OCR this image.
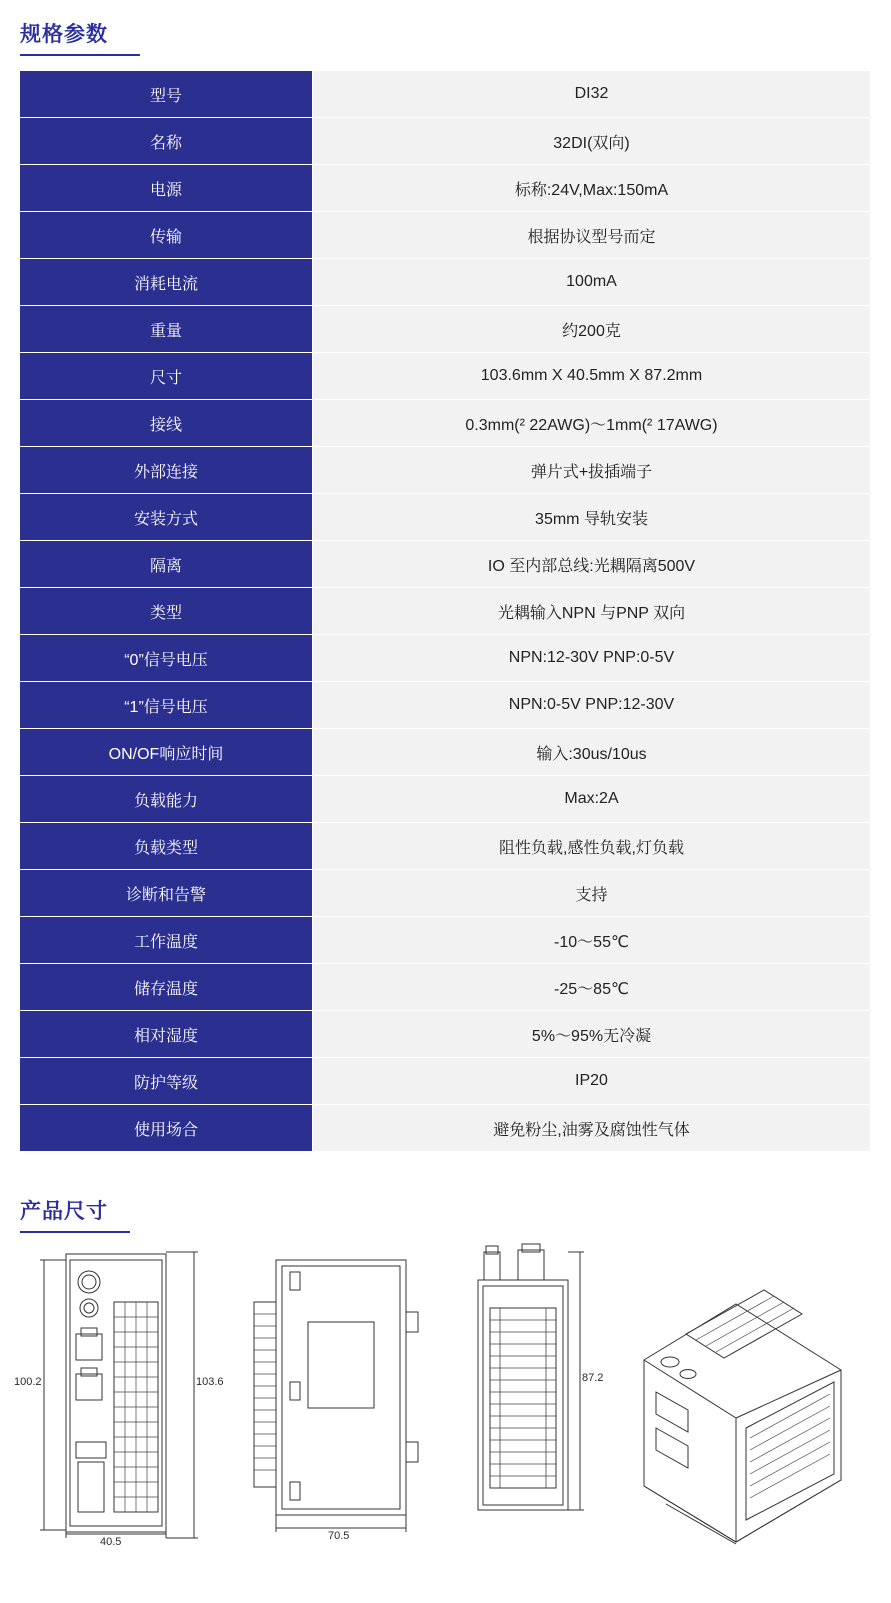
规格参数
型号	DI32
名称	32DI(双向)
电源	标称:24V,Max:150mA
传输	根据协议型号而定
消耗电流	100mA
重量	约200克
尺寸	103.6mm X 40.5mm X 87.2mm
接线	0.3mm(² 22AWG)～1mm(² 17AWG)
外部连接	弹片式+拔插端子
安装方式	35mm 导轨安装
隔离	IO 至内部总线:光耦隔离500V
类型	光耦输入NPN 与PNP 双向
“0”信号电压	NPN:12-30V PNP:0-5V
“1”信号电压	NPN:0-5V PNP:12-30V
ON/OF响应时间	输入:30us/10us
负载能力	Max:2A
负载类型	阻性负载,感性负载,灯负载
诊断和告警	支持
工作温度	-10～55℃
储存温度	-25～85℃
相对湿度	5%～95%无冷凝
防护等级	IP20
使用场合	避免粉尘,油雾及腐蚀性气体
产品尺寸
100.2	103.6
40.5	70.5
87.2
